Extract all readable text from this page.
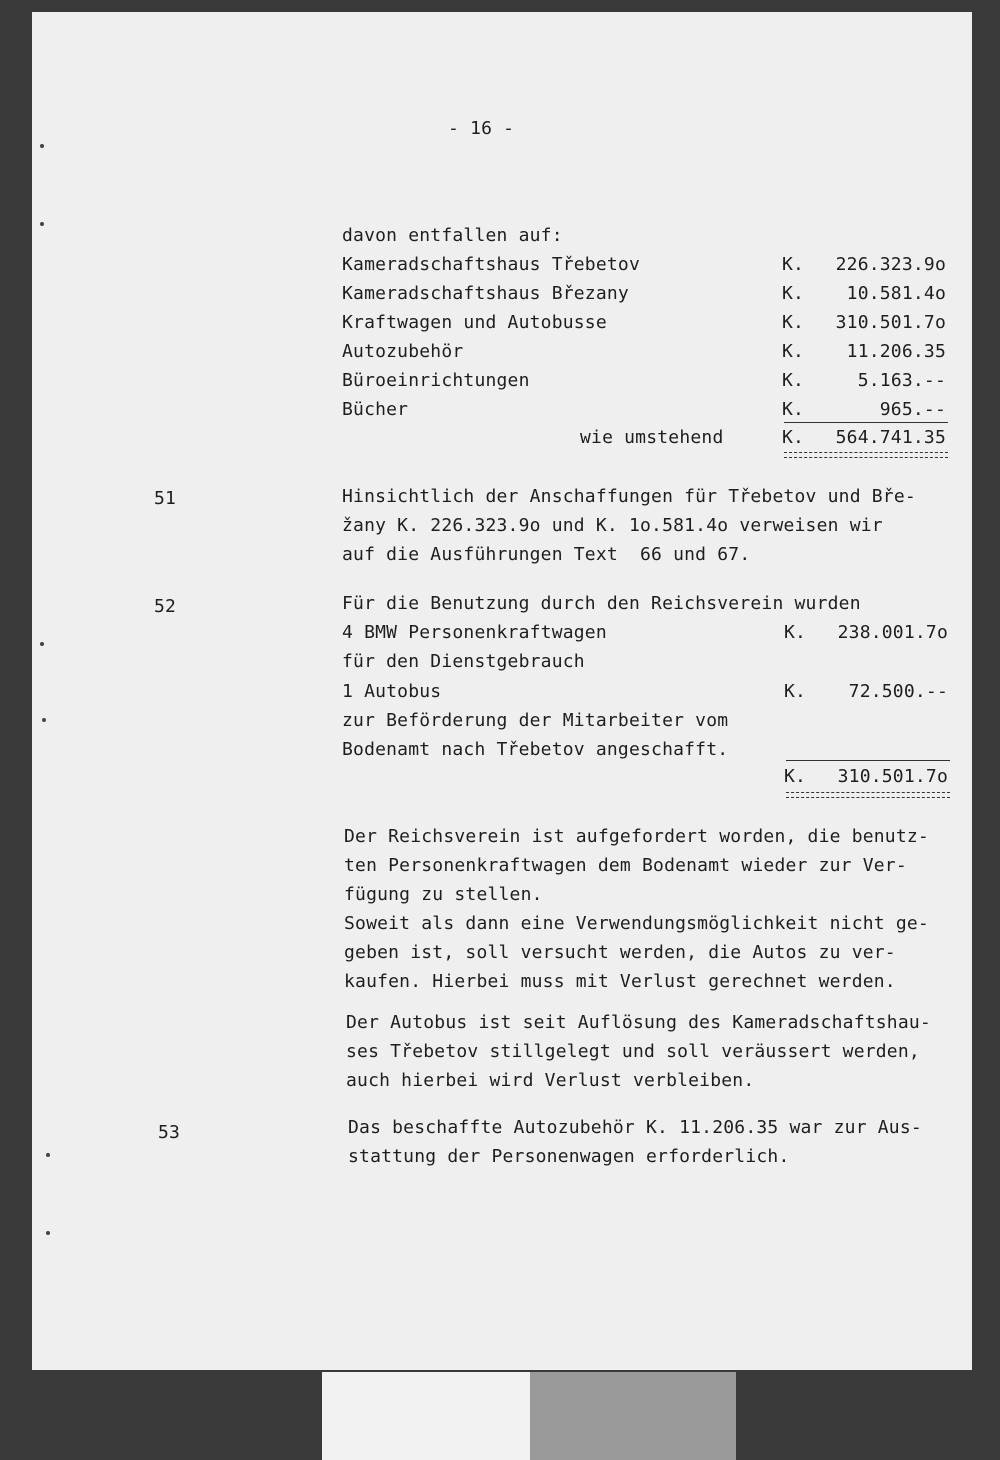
- 16 -
davon entfallen auf:
Kameradschaftshaus Třebetov	K.	226.323.9o
Kameradschaftshaus Březany	K.	10.581.4o
Kraftwagen und Autobusse	K.	310.501.7o
Autozubehör	K.	11.206.35
Büroeinrichtungen	K.	5.163.--
Bücher	K.	965.--
wie umstehend	K.	564.741.35
51	Hinsichtlich der Anschaffungen für Třebetov und Bře-
žany K. 226.323.9o und K. 1o.581.4o verweisen wir
auf die Ausführungen Text  66 und 67.
52	Für die Benutzung durch den Reichsverein wurden
4 BMW Personenkraftwagen	K.	238.001.7o
für den Dienstgebrauch
1 Autobus	K.	72.500.--
zur Beförderung der Mitarbeiter vom
Bodenamt nach Třebetov angeschafft.
K.	310.501.7o
Der Reichsverein ist aufgefordert worden, die benutz-
ten Personenkraftwagen dem Bodenamt wieder zur Ver-
fügung zu stellen.
Soweit als dann eine Verwendungsmöglichkeit nicht ge-
geben ist, soll versucht werden, die Autos zu ver-
kaufen. Hierbei muss mit Verlust gerechnet werden.
Der Autobus ist seit Auflösung des Kameradschaftshau-
ses Třebetov stillgelegt und soll veräussert werden,
auch hierbei wird Verlust verbleiben.
53	Das beschaffte Autozubehör K. 11.206.35 war zur Aus-
stattung der Personenwagen erforderlich.
